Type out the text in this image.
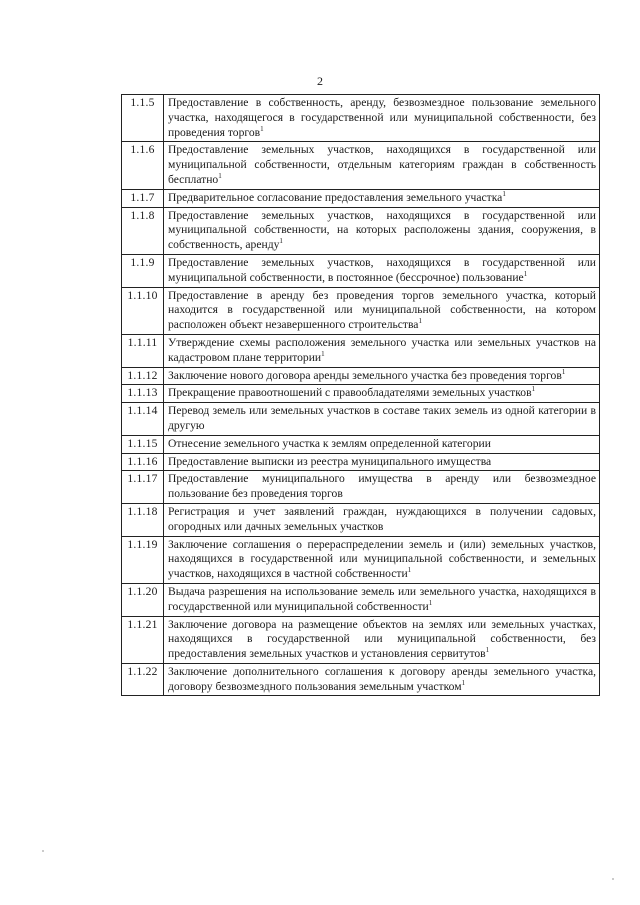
2
1.1.5	Предоставление в собственность, аренду, безвозмездное пользование земельного участка, находящегося в государственной или муниципальной собственности, без проведения торгов$^1$
1.1.6	Предоставление земельных участков, находящихся в государственной или муниципальной собственности, отдельным категориям граждан в собственность бесплатно$^1$
1.1.7	Предварительное согласование предоставления земельного участка$^1$
1.1.8	Предоставление земельных участков, находящихся в государственной или муниципальной собственности, на которых расположены здания, сооружения, в собственность, аренду$^1$
1.1.9	Предоставление земельных участков, находящихся в государственной или муниципальной собственности, в постоянное (бессрочное) пользование$^1$
1.1.10	Предоставление в аренду без проведения торгов земельного участка, который находится в государственной или муниципальной собственности, на котором расположен объект незавершенного строительства$^1$
1.1.11	Утверждение схемы расположения земельного участка или земельных участков на кадастровом плане территории$^1$
1.1.12	Заключение нового договора аренды земельного участка без проведения торгов$^1$
1.1.13	Прекращение правоотношений с правообладателями земельных участков$^1$
1.1.14	Перевод земель или земельных участков в составе таких земель из одной категории в другую
1.1.15	Отнесение земельного участка к землям определенной категории
1.1.16	Предоставление выписки из реестра муниципального имущества
1.1.17	Предоставление муниципального имущества в аренду или безвозмездное пользование без проведения торгов
1.1.18	Регистрация и учет заявлений граждан, нуждающихся в получении садовых, огородных или дачных земельных участков
1.1.19	Заключение соглашения о перераспределении земель и (или) земельных участков, находящихся в государственной или муниципальной собственности, и земельных участков, находящихся в частной собственности$^1$
1.1.20	Выдача разрешения на использование земель или земельного участка, находящихся в государственной или муниципальной собственности$^1$
1.1.21	Заключение договора на размещение объектов на землях или земельных участках, находящихся в государственной или муниципальной собственности, без предоставления земельных участков и установления сервитутов$^1$
1.1.22	Заключение дополнительного соглашения к договору аренды земельного участка, договору безвозмездного пользования земельным участком$^1$
